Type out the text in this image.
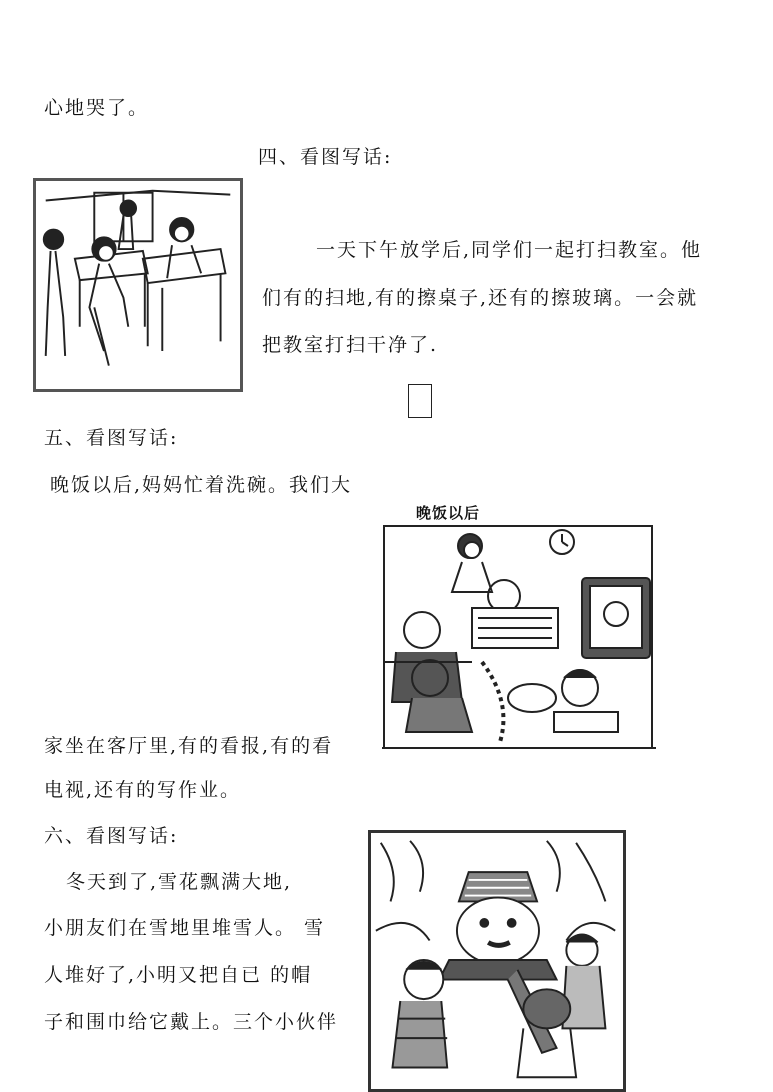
心地哭了。
四、看图写话:
一天下午放学后,同学们一起打扫教室。他
们有的扫地,有的擦桌子,还有的擦玻璃。一会就
把教室打扫干净了.
五、看图写话:
晚饭以后,妈妈忙着洗碗。我们大
家坐在客厅里,有的看报,有的看
电视,还有的写作业。
六、看图写话:
冬天到了,雪花飘满大地,
小朋友们在雪地里堆雪人。 雪
人堆好了,小明又把自已 的帽
子和围巾给它戴上。三个小伙伴
晚饭以后
